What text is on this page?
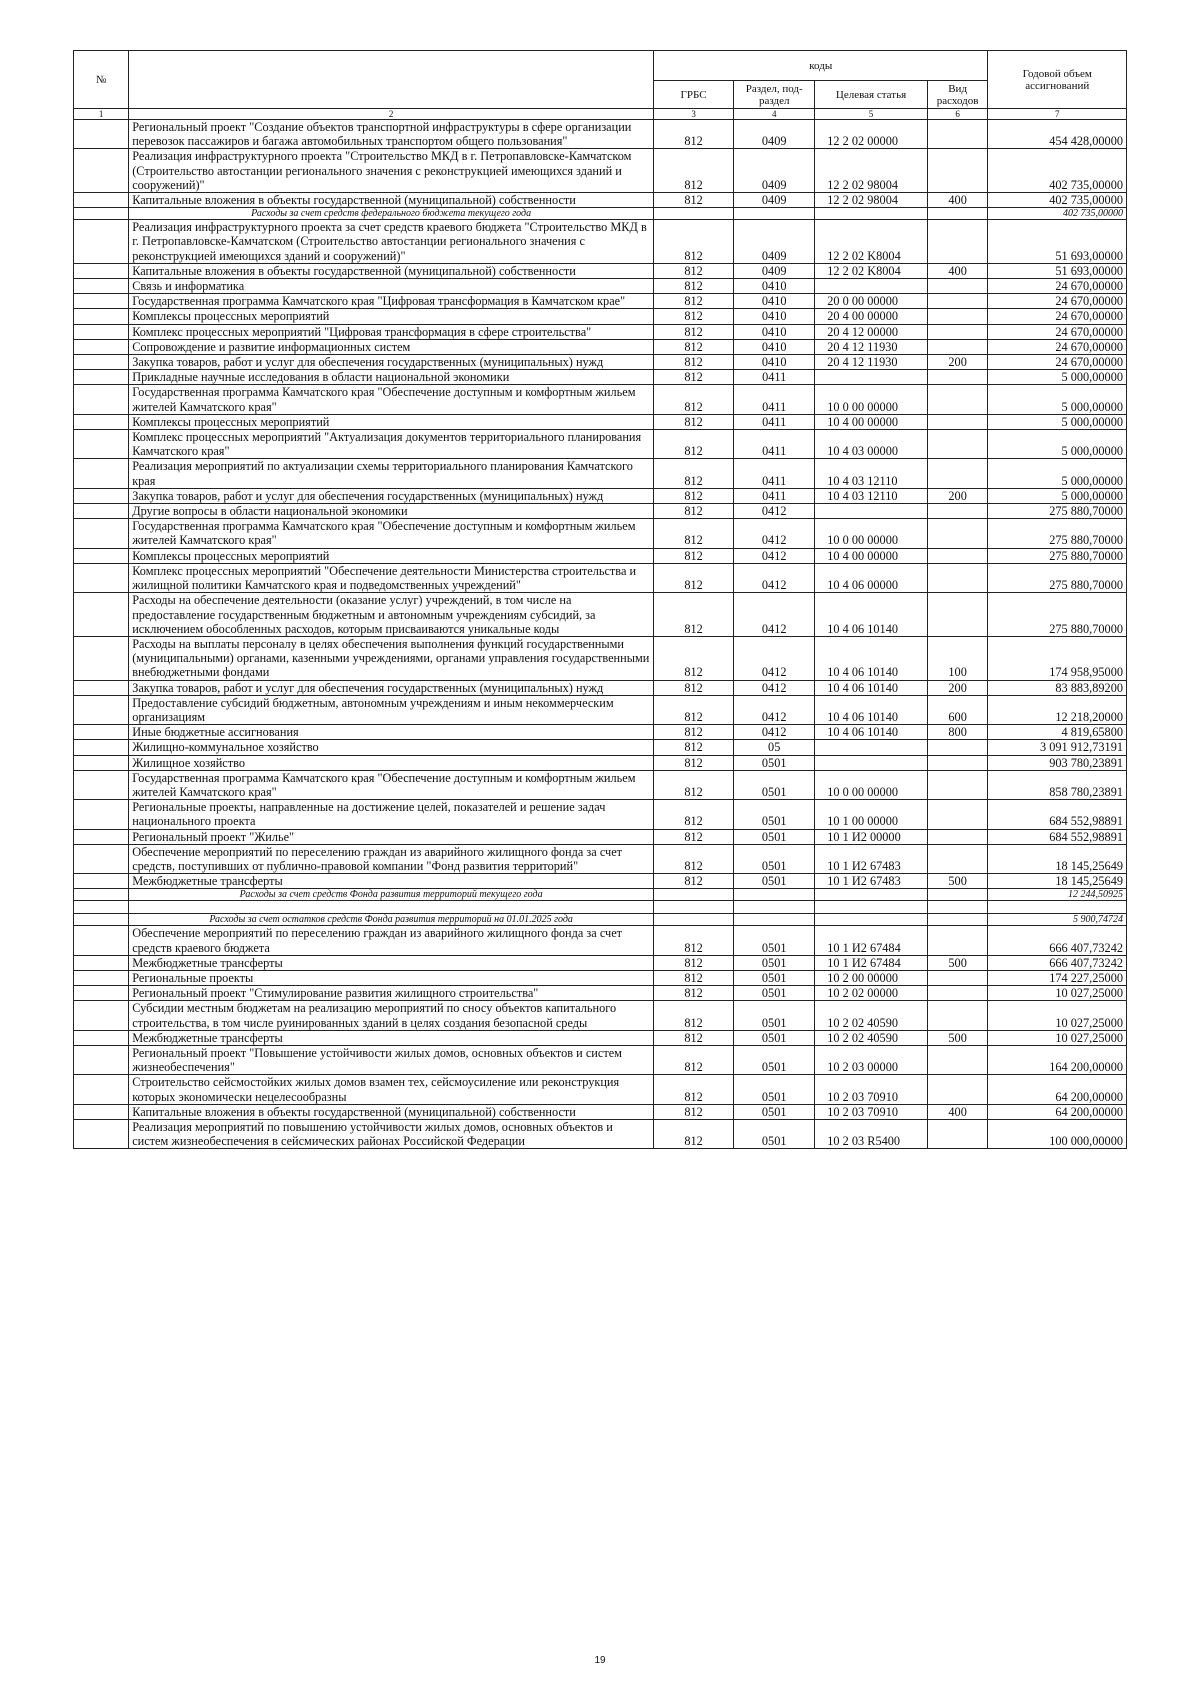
№		коды				Годовой объем ассигнований
		ГРБС	Раздел, под-раздел	Целевая статья	Вид расходов	
1	2	3	4	5	6	7
	Региональный проект "Создание объектов транспортной инфраструктуры в сфере организации перевозок пассажиров и багажа автомобильных транспортом общего пользования"	812	0409	12 2 02 00000		454 428,00000
	Реализация инфраструктурного проекта "Строительство МКД в г. Петропавловске-Камчатском (Строительство автостанции регионального значения с реконструкцией имеющихся зданий и сооружений)"	812	0409	12 2 02 98004		402 735,00000
	Капитальные вложения в объекты государственной (муниципальной) собственности	812	0409	12 2 02 98004	400	402 735,00000
	Расходы за счет средств федерального бюджета текущего года					402 735,00000
	Реализация инфраструктурного проекта за счет средств краевого бюджета "Строительство МКД в г. Петропавловске-Камчатском (Строительство автостанции регионального значения с реконструкцией имеющихся зданий и сооружений)"	812	0409	12 2 02 K8004		51 693,00000
	Капитальные вложения в объекты государственной (муниципальной) собственности	812	0409	12 2 02 K8004	400	51 693,00000
	Связь и информатика	812	0410			24 670,00000
	Государственная программа Камчатского края "Цифровая трансформация в Камчатском крае"	812	0410	20 0 00 00000		24 670,00000
	Комплексы процессных мероприятий	812	0410	20 4 00 00000		24 670,00000
	Комплекс процессных мероприятий "Цифровая трансформация в сфере строительства"	812	0410	20 4 12 00000		24 670,00000
	Сопровождение и развитие информационных систем	812	0410	20 4 12 11930		24 670,00000
	Закупка товаров, работ и услуг для обеспечения государственных (муниципальных) нужд	812	0410	20 4 12 11930	200	24 670,00000
	Прикладные научные исследования в области национальной экономики	812	0411			5 000,00000
	Государственная программа Камчатского края "Обеспечение доступным и комфортным жильем жителей Камчатского края"	812	0411	10 0 00 00000		5 000,00000
	Комплексы процессных мероприятий	812	0411	10 4 00 00000		5 000,00000
	Комплекс процессных мероприятий "Актуализация документов территориального планирования Камчатского края"	812	0411	10 4 03 00000		5 000,00000
	Реализация мероприятий по актуализации схемы территориального планирования Камчатского края	812	0411	10 4 03 12110		5 000,00000
	Закупка товаров, работ и услуг для обеспечения государственных (муниципальных) нужд	812	0411	10 4 03 12110	200	5 000,00000
	Другие вопросы в области национальной экономики	812	0412			275 880,70000
	Государственная программа Камчатского края "Обеспечение доступным и комфортным жильем жителей Камчатского края"	812	0412	10 0 00 00000		275 880,70000
	Комплексы процессных мероприятий	812	0412	10 4 00 00000		275 880,70000
	Комплекс процессных мероприятий "Обеспечение деятельности Министерства строительства и жилищной политики Камчатского края и подведомственных учреждений"	812	0412	10 4 06 00000		275 880,70000
	Расходы на обеспечение деятельности (оказание услуг) учреждений, в том числе на предоставление государственным бюджетным и автономным учреждениям субсидий, за исключением обособленных расходов, которым присваиваются уникальные коды	812	0412	10 4 06 10140		275 880,70000
	Расходы на выплаты персоналу в целях обеспечения выполнения функций государственными (муниципальными) органами, казенными учреждениями, органами управления государственными внебюджетными фондами	812	0412	10 4 06 10140	100	174 958,95000
	Закупка товаров, работ и услуг для обеспечения государственных (муниципальных) нужд	812	0412	10 4 06 10140	200	83 883,89200
	Предоставление субсидий бюджетным, автономным учреждениям и иным некоммерческим организациям	812	0412	10 4 06 10140	600	12 218,20000
	Иные бюджетные ассигнования	812	0412	10 4 06 10140	800	4 819,65800
	Жилищно-коммунальное хозяйство	812	05			3 091 912,73191
	Жилищное хозяйство	812	0501			903 780,23891
	Государственная программа Камчатского края "Обеспечение доступным и комфортным жильем жителей Камчатского края"	812	0501	10 0 00 00000		858 780,23891
	Региональные проекты, направленные на достижение целей, показателей и решение задач национального проекта	812	0501	10 1 00 00000		684 552,98891
	Региональный проект "Жилье"	812	0501	10 1 И2 00000		684 552,98891
	Обеспечение мероприятий по переселению граждан из аварийного жилищного фонда за счет средств, поступивших от публично-правовой компании "Фонд развития территорий"	812	0501	10 1 И2 67483		18 145,25649
	Межбюджетные трансферты	812	0501	10 1 И2 67483	500	18 145,25649
	Расходы за счет средств Фонда развития территорий текущего года					12 244,50925

	Расходы за счет остатков средств Фонда развития территорий на 01.01.2025 года					5 900,74724
	Обеспечение мероприятий по переселению граждан из аварийного жилищного фонда за счет средств краевого бюджета	812	0501	10 1 И2 67484		666 407,73242
	Межбюджетные трансферты	812	0501	10 1 И2 67484	500	666 407,73242
	Региональные проекты	812	0501	10 2 00 00000		174 227,25000
	Региональный проект "Стимулирование развития жилищного строительства"	812	0501	10 2 02 00000		10 027,25000
	Субсидии местным бюджетам на реализацию мероприятий по сносу объектов капитального строительства, в том числе руинированных зданий в целях создания безопасной среды	812	0501	10 2 02 40590		10 027,25000
	Межбюджетные трансферты	812	0501	10 2 02 40590	500	10 027,25000
	Региональный проект "Повышение устойчивости жилых домов, основных объектов и систем жизнеобеспечения"	812	0501	10 2 03 00000		164 200,00000
	Строительство сейсмостойких жилых домов взамен тех, сейсмоусиление или реконструкция которых экономически нецелесообразны	812	0501	10 2 03 70910		64 200,00000
	Капитальные вложения в объекты государственной (муниципальной) собственности	812	0501	10 2 03 70910	400	64 200,00000
	Реализация мероприятий по повышению устойчивости жилых домов, основных объектов и систем жизнеобеспечения в сейсмических районах Российской Федерации	812	0501	10 2 03 R5400		100 000,00000
19
